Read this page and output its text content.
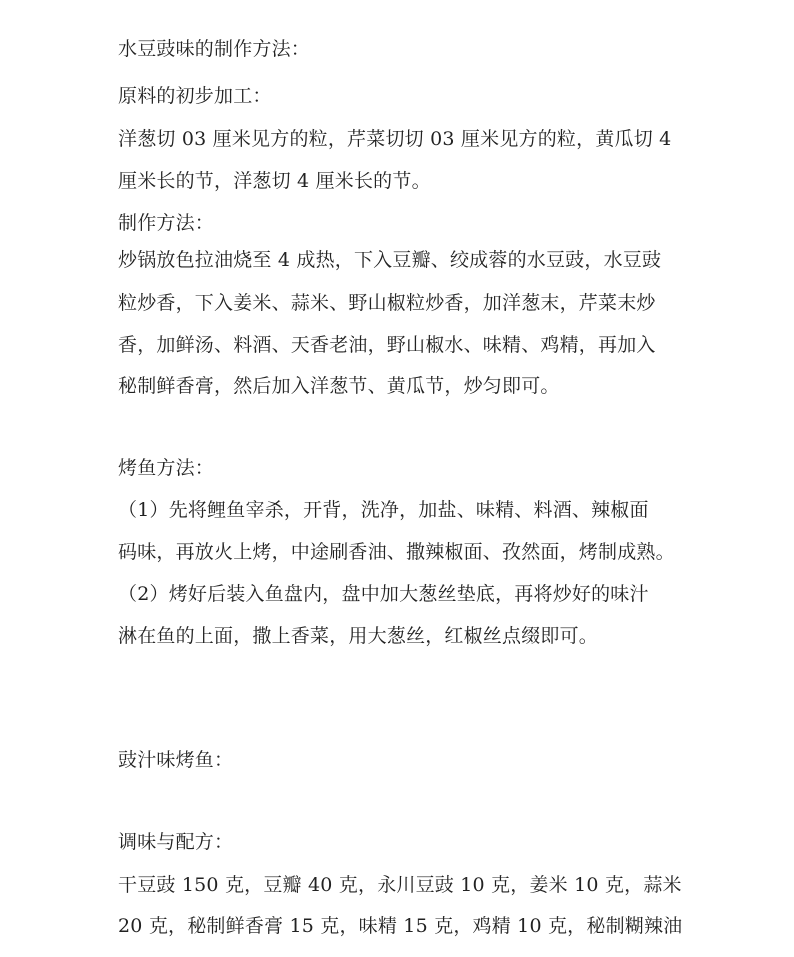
水豆豉味的制作方法：
原料的初步加工：
洋葱切 03 厘米见方的粒，芹菜切切 03 厘米见方的粒，黄瓜切 4
厘米长的节，洋葱切 4 厘米长的节。
制作方法：
炒锅放色拉油烧至 4 成热，下入豆瓣、绞成蓉的水豆豉，水豆豉
粒炒香，下入姜米、蒜米、野山椒粒炒香，加洋葱末，芹菜末炒
香，加鲜汤、料酒、天香老油，野山椒水、味精、鸡精，再加入
秘制鲜香膏，然后加入洋葱节、黄瓜节，炒匀即可。
烤鱼方法：
（1）先将鲤鱼宰杀，开背，洗净，加盐、味精、料酒、辣椒面
码味，再放火上烤，中途刷香油、撒辣椒面、孜然面，烤制成熟。
（2）烤好后装入鱼盘内，盘中加大葱丝垫底，再将炒好的味汁
淋在鱼的上面，撒上香菜，用大葱丝，红椒丝点缀即可。
豉汁味烤鱼：
调味与配方：
干豆豉 150 克，豆瓣 40 克，永川豆豉 10 克，姜米 10 克，蒜米
20 克，秘制鲜香膏 15 克，味精 15 克，鸡精 10 克，秘制糊辣油
